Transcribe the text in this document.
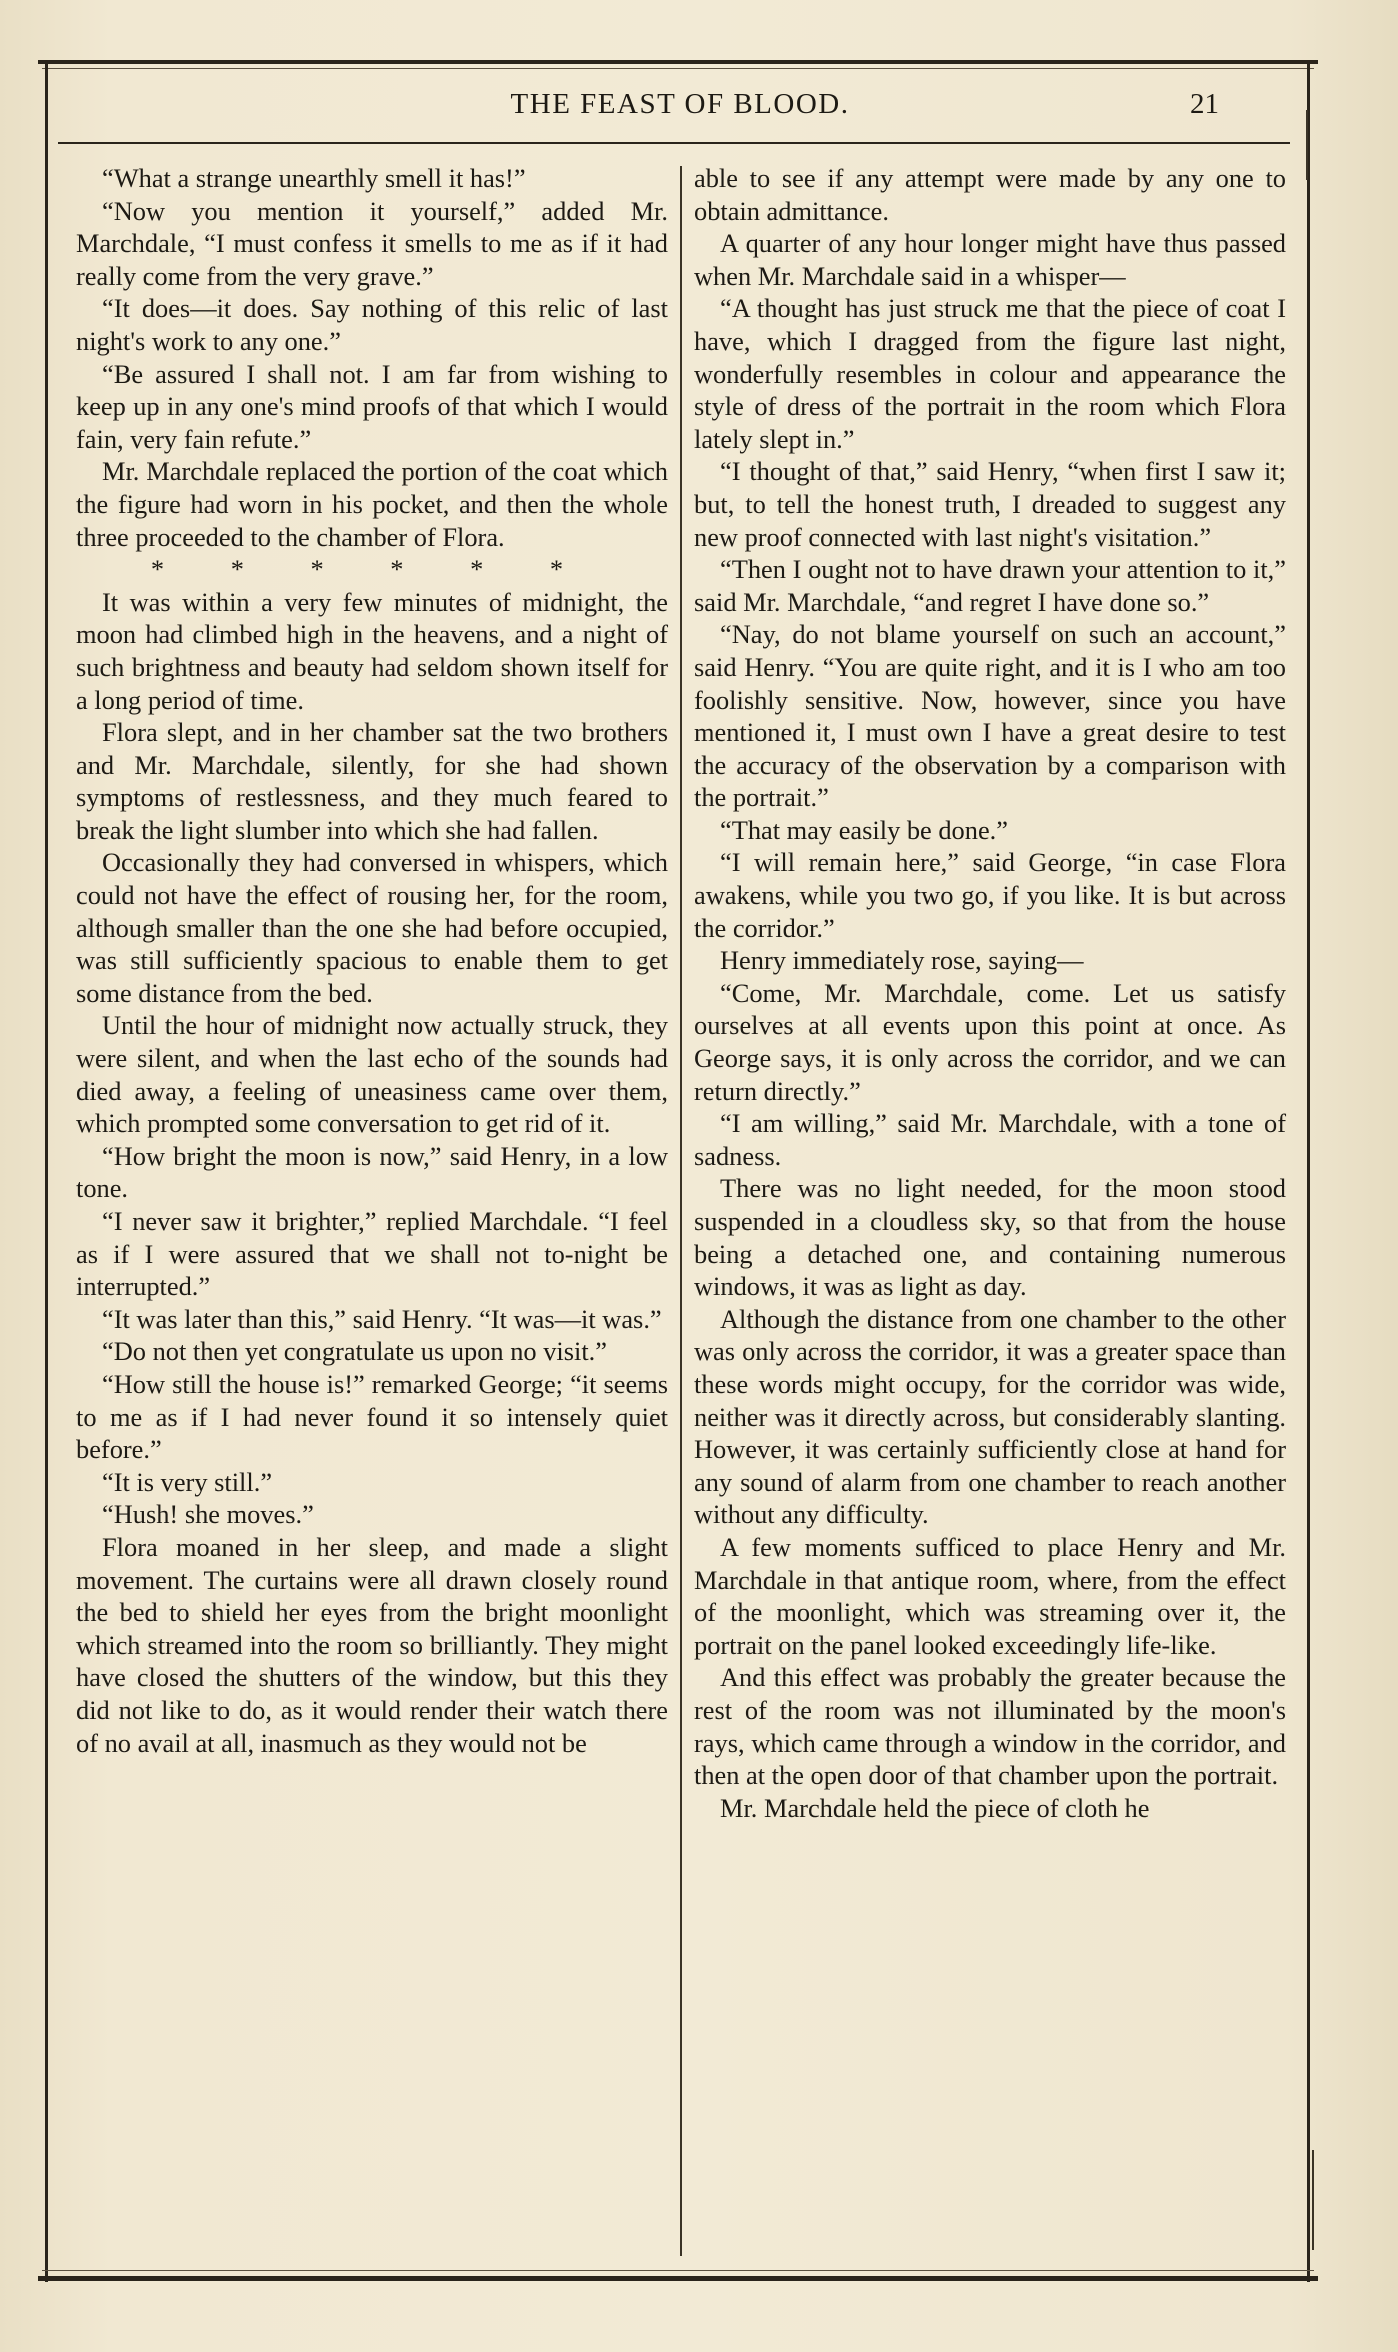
THE FEAST OF BLOOD.	21

“What a strange unearthly smell it has!”

“Now you mention it yourself,” added Mr. Marchdale, “I must confess it smells to me as if it had really come from the very grave.”

“It does—it does. Say nothing of this relic of last night's work to any one.”

“Be assured I shall not. I am far from wishing to keep up in any one's mind proofs of that which I would fain, very fain refute.”

Mr. Marchdale replaced the portion of the coat which the figure had worn in his pocket, and then the whole three proceeded to the chamber of Flora.

* * * * * *

It was within a very few minutes of midnight, the moon had climbed high in the heavens, and a night of such brightness and beauty had seldom shown itself for a long period of time.

Flora slept, and in her chamber sat the two brothers and Mr. Marchdale, silently, for she had shown symptoms of restlessness, and they much feared to break the light slumber into which she had fallen.

Occasionally they had conversed in whispers, which could not have the effect of rousing her, for the room, although smaller than the one she had before occupied, was still sufficiently spacious to enable them to get some distance from the bed.

Until the hour of midnight now actually struck, they were silent, and when the last echo of the sounds had died away, a feeling of uneasiness came over them, which prompted some conversation to get rid of it.

“How bright the moon is now,” said Henry, in a low tone.

“I never saw it brighter,” replied Marchdale. “I feel as if I were assured that we shall not to-night be interrupted.”

“It was later than this,” said Henry. “It was—it was.”

“Do not then yet congratulate us upon no visit.”

“How still the house is!” remarked George; “it seems to me as if I had never found it so intensely quiet before.”

“It is very still.”

“Hush! she moves.”

Flora moaned in her sleep, and made a slight movement. The curtains were all drawn closely round the bed to shield her eyes from the bright moonlight which streamed into the room so brilliantly. They might have closed the shutters of the window, but this they did not like to do, as it would render their watch there of no avail at all, inasmuch as they would not be

able to see if any attempt were made by any one to obtain admittance.

A quarter of any hour longer might have thus passed when Mr. Marchdale said in a whisper—

“A thought has just struck me that the piece of coat I have, which I dragged from the figure last night, wonderfully resembles in colour and appearance the style of dress of the portrait in the room which Flora lately slept in.”

“I thought of that,” said Henry, “when first I saw it; but, to tell the honest truth, I dreaded to suggest any new proof connected with last night's visitation.”

“Then I ought not to have drawn your attention to it,” said Mr. Marchdale, “and regret I have done so.”

“Nay, do not blame yourself on such an account,” said Henry. “You are quite right, and it is I who am too foolishly sensitive. Now, however, since you have mentioned it, I must own I have a great desire to test the accuracy of the observation by a comparison with the portrait.”

“That may easily be done.”

“I will remain here,” said George, “in case Flora awakens, while you two go, if you like. It is but across the corridor.”

Henry immediately rose, saying—

“Come, Mr. Marchdale, come. Let us satisfy ourselves at all events upon this point at once. As George says, it is only across the corridor, and we can return directly.”

“I am willing,” said Mr. Marchdale, with a tone of sadness.

There was no light needed, for the moon stood suspended in a cloudless sky, so that from the house being a detached one, and containing numerous windows, it was as light as day.

Although the distance from one chamber to the other was only across the corridor, it was a greater space than these words might occupy, for the corridor was wide, neither was it directly across, but considerably slanting. However, it was certainly sufficiently close at hand for any sound of alarm from one chamber to reach another without any difficulty.

A few moments sufficed to place Henry and Mr. Marchdale in that antique room, where, from the effect of the moonlight, which was streaming over it, the portrait on the panel looked exceedingly life-like.

And this effect was probably the greater because the rest of the room was not illuminated by the moon's rays, which came through a window in the corridor, and then at the open door of that chamber upon the portrait.

Mr. Marchdale held the piece of cloth he
